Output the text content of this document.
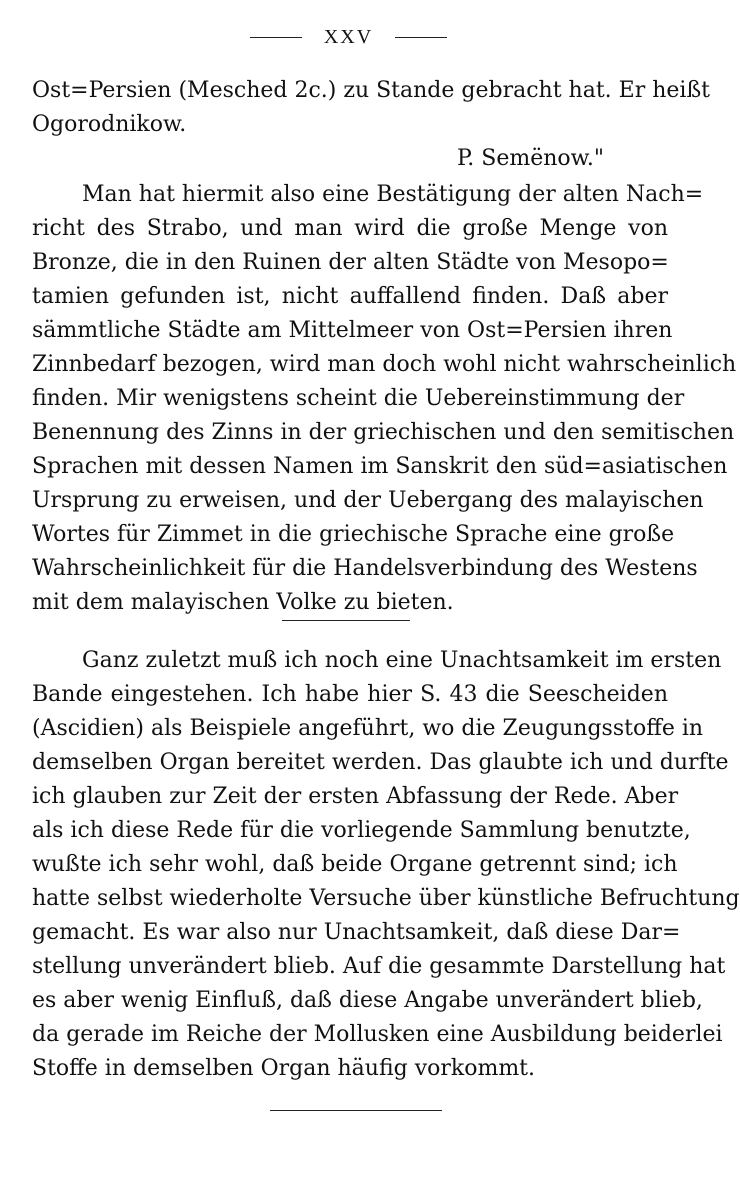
XXV
Ost=Persien (Mesched 2c.) zu Stande gebracht hat. Er heißt
Ogorodnikow.
P. Semënow."
Man hat hiermit also eine Bestätigung der alten Nach=
richt des Strabo, und man wird die große Menge von
Bronze, die in den Ruinen der alten Städte von Mesopo=
tamien gefunden ist, nicht auffallend finden. Daß aber
sämmtliche Städte am Mittelmeer von Ost=Persien ihren
Zinnbedarf bezogen, wird man doch wohl nicht wahrscheinlich
finden. Mir wenigstens scheint die Uebereinstimmung der
Benennung des Zinns in der griechischen und den semitischen
Sprachen mit dessen Namen im Sanskrit den süd=asiatischen
Ursprung zu erweisen, und der Uebergang des malayischen
Wortes für Zimmet in die griechische Sprache eine große
Wahrscheinlichkeit für die Handelsverbindung des Westens
mit dem malayischen Volke zu bieten.
Ganz zuletzt muß ich noch eine Unachtsamkeit im ersten
Bande eingestehen. Ich habe hier S. 43 die Seescheiden
(Ascidien) als Beispiele angeführt, wo die Zeugungsstoffe in
demselben Organ bereitet werden. Das glaubte ich und durfte
ich glauben zur Zeit der ersten Abfassung der Rede. Aber
als ich diese Rede für die vorliegende Sammlung benutzte,
wußte ich sehr wohl, daß beide Organe getrennt sind; ich
hatte selbst wiederholte Versuche über künstliche Befruchtung
gemacht. Es war also nur Unachtsamkeit, daß diese Dar=
stellung unverändert blieb. Auf die gesammte Darstellung hat
es aber wenig Einfluß, daß diese Angabe unverändert blieb,
da gerade im Reiche der Mollusken eine Ausbildung beiderlei
Stoffe in demselben Organ häufig vorkommt.
